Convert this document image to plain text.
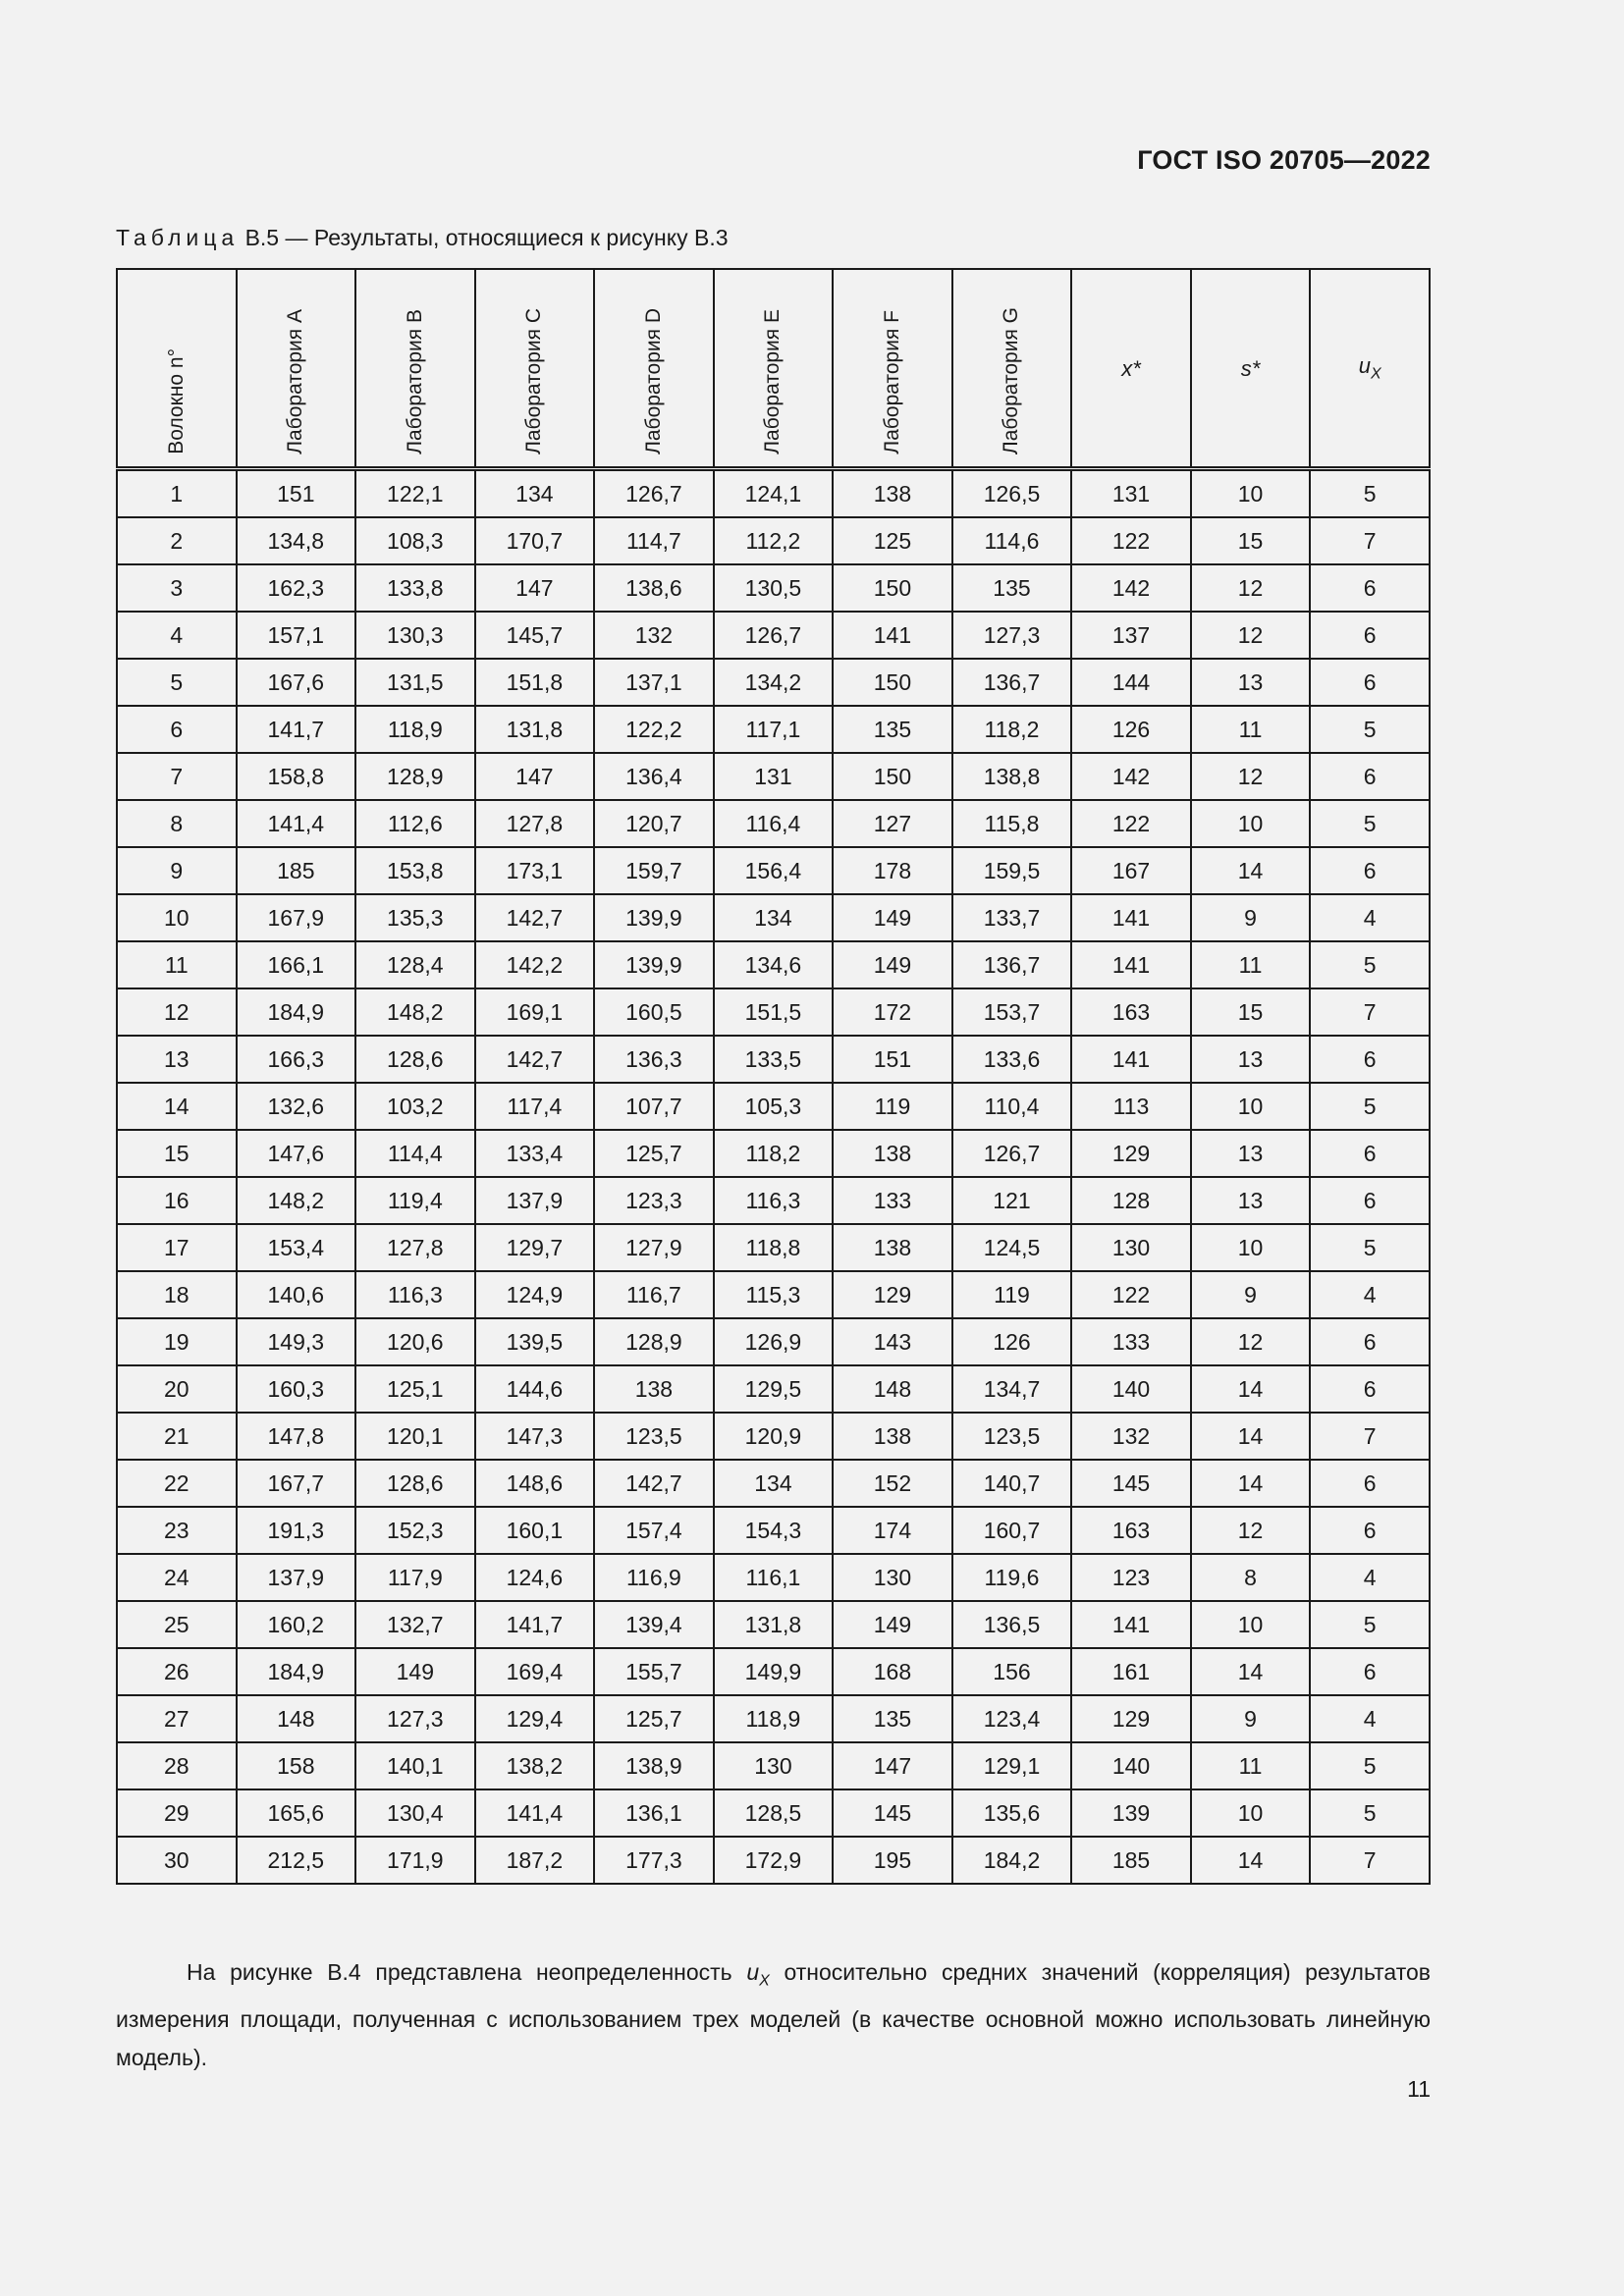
ГОСТ ISO 20705—2022
Таблица В.5 — Результаты, относящиеся к рисунку В.3
Волокно n°	Лаборатория А	Лаборатория В	Лаборатория С	Лаборатория D	Лаборатория Е	Лаборатория F	Лаборатория G	x*	s*	$u_X$
1	151	122,1	134	126,7	124,1	138	126,5	131	10	5
2	134,8	108,3	170,7	114,7	112,2	125	114,6	122	15	7
3	162,3	133,8	147	138,6	130,5	150	135	142	12	6
4	157,1	130,3	145,7	132	126,7	141	127,3	137	12	6
5	167,6	131,5	151,8	137,1	134,2	150	136,7	144	13	6
6	141,7	118,9	131,8	122,2	117,1	135	118,2	126	11	5
7	158,8	128,9	147	136,4	131	150	138,8	142	12	6
8	141,4	112,6	127,8	120,7	116,4	127	115,8	122	10	5
9	185	153,8	173,1	159,7	156,4	178	159,5	167	14	6
10	167,9	135,3	142,7	139,9	134	149	133,7	141	9	4
11	166,1	128,4	142,2	139,9	134,6	149	136,7	141	11	5
12	184,9	148,2	169,1	160,5	151,5	172	153,7	163	15	7
13	166,3	128,6	142,7	136,3	133,5	151	133,6	141	13	6
14	132,6	103,2	117,4	107,7	105,3	119	110,4	113	10	5
15	147,6	114,4	133,4	125,7	118,2	138	126,7	129	13	6
16	148,2	119,4	137,9	123,3	116,3	133	121	128	13	6
17	153,4	127,8	129,7	127,9	118,8	138	124,5	130	10	5
18	140,6	116,3	124,9	116,7	115,3	129	119	122	9	4
19	149,3	120,6	139,5	128,9	126,9	143	126	133	12	6
20	160,3	125,1	144,6	138	129,5	148	134,7	140	14	6
21	147,8	120,1	147,3	123,5	120,9	138	123,5	132	14	7
22	167,7	128,6	148,6	142,7	134	152	140,7	145	14	6
23	191,3	152,3	160,1	157,4	154,3	174	160,7	163	12	6
24	137,9	117,9	124,6	116,9	116,1	130	119,6	123	8	4
25	160,2	132,7	141,7	139,4	131,8	149	136,5	141	10	5
26	184,9	149	169,4	155,7	149,9	168	156	161	14	6
27	148	127,3	129,4	125,7	118,9	135	123,4	129	9	4
28	158	140,1	138,2	138,9	130	147	129,1	140	11	5
29	165,6	130,4	141,4	136,1	128,5	145	135,6	139	10	5
30	212,5	171,9	187,2	177,3	172,9	195	184,2	185	14	7
На рисунке В.4 представлена неопределенность $u_X$ относительно средних значений (корреляция) результатов измерения площади, полученная с использованием трех моделей (в качестве основной можно использовать линейную модель).
11
